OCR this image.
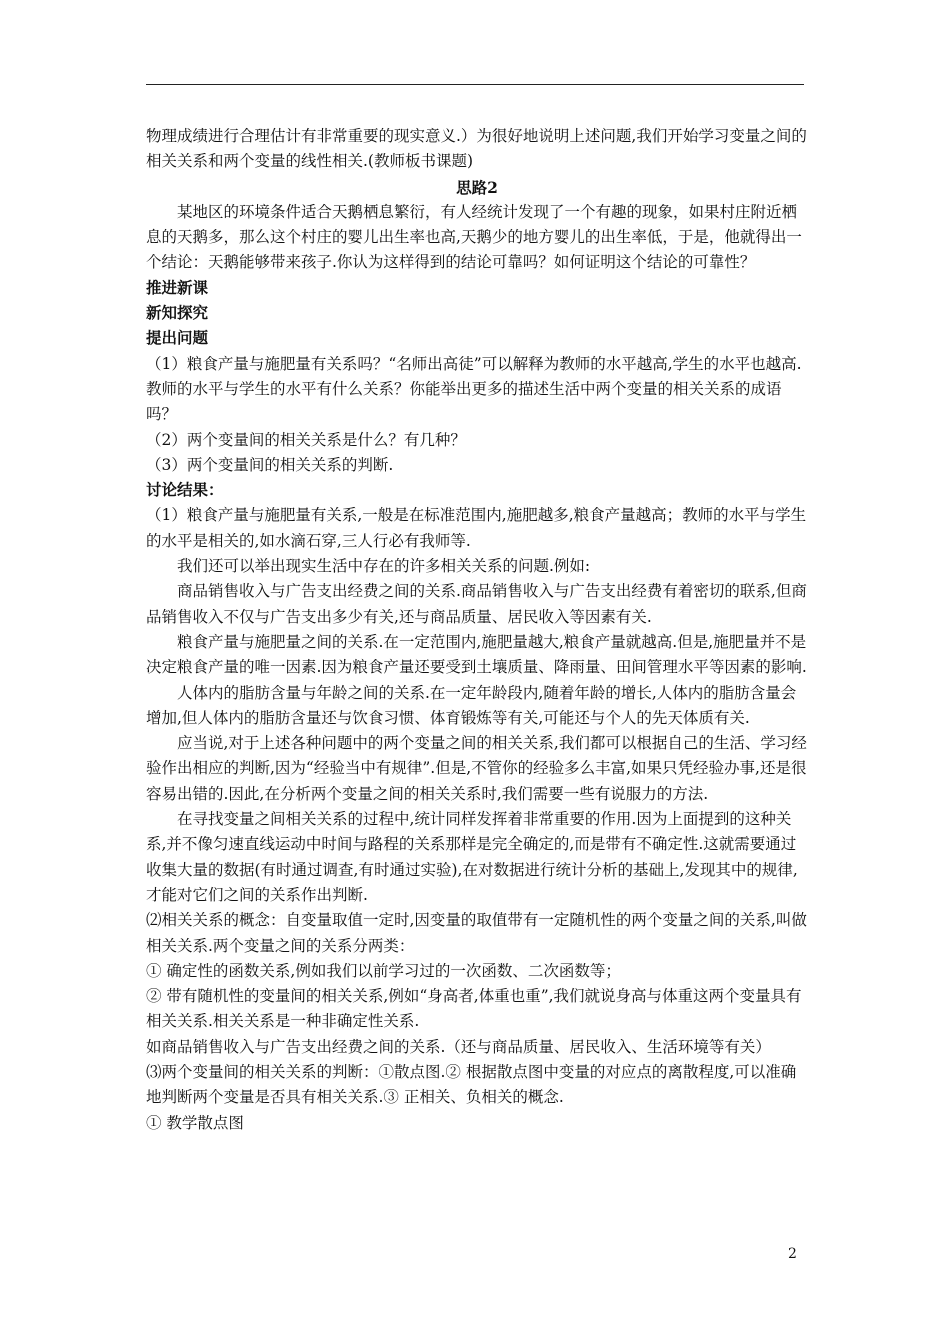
物理成绩进行合理估计有非常重要的现实意义.）为很好地说明上述问题,我们开始学习变量之间的相关关系和两个变量的线性相关.(教师板书课题)

思路2

某地区的环境条件适合天鹅栖息繁衍，有人经统计发现了一个有趣的现象，如果村庄附近栖息的天鹅多，那么这个村庄的婴儿出生率也高,天鹅少的地方婴儿的出生率低，于是，他就得出一个结论：天鹅能够带来孩子.你认为这样得到的结论可靠吗？如何证明这个结论的可靠性？

推进新课

新知探究

提出问题

（1）粮食产量与施肥量有关系吗？“名师出高徒”可以解释为教师的水平越高,学生的水平也越高.教师的水平与学生的水平有什么关系？你能举出更多的描述生活中两个变量的相关关系的成语吗？

（2）两个变量间的相关关系是什么？有几种？

（3）两个变量间的相关关系的判断.

讨论结果：

（1）粮食产量与施肥量有关系,一般是在标准范围内,施肥越多,粮食产量越高；教师的水平与学生的水平是相关的,如水滴石穿,三人行必有我师等.

我们还可以举出现实生活中存在的许多相关关系的问题.例如:

商品销售收入与广告支出经费之间的关系.商品销售收入与广告支出经费有着密切的联系,但商品销售收入不仅与广告支出多少有关,还与商品质量、居民收入等因素有关.

粮食产量与施肥量之间的关系.在一定范围内,施肥量越大,粮食产量就越高.但是,施肥量并不是决定粮食产量的唯一因素.因为粮食产量还要受到土壤质量、降雨量、田间管理水平等因素的影响.

人体内的脂肪含量与年龄之间的关系.在一定年龄段内,随着年龄的增长,人体内的脂肪含量会增加,但人体内的脂肪含量还与饮食习惯、体育锻炼等有关,可能还与个人的先天体质有关.

应当说,对于上述各种问题中的两个变量之间的相关关系,我们都可以根据自己的生活、学习经验作出相应的判断,因为“经验当中有规律”.但是,不管你的经验多么丰富,如果只凭经验办事,还是很容易出错的.因此,在分析两个变量之间的相关关系时,我们需要一些有说服力的方法.

在寻找变量之间相关关系的过程中,统计同样发挥着非常重要的作用.因为上面提到的这种关系,并不像匀速直线运动中时间与路程的关系那样是完全确定的,而是带有不确定性.这就需要通过收集大量的数据(有时通过调查,有时通过实验),在对数据进行统计分析的基础上,发现其中的规律,才能对它们之间的关系作出判断.

⑵相关关系的概念：自变量取值一定时,因变量的取值带有一定随机性的两个变量之间的关系,叫做相关关系.两个变量之间的关系分两类：

① 确定性的函数关系,例如我们以前学习过的一次函数、二次函数等；

② 带有随机性的变量间的相关关系,例如“身高者,体重也重”,我们就说身高与体重这两个变量具有相关关系.相关关系是一种非确定性关系.

如商品销售收入与广告支出经费之间的关系.（还与商品质量、居民收入、生活环境等有关）

⑶两个变量间的相关关系的判断：①散点图.② 根据散点图中变量的对应点的离散程度,可以准确地判断两个变量是否具有相关关系.③ 正相关、负相关的概念.

① 教学散点图

2
